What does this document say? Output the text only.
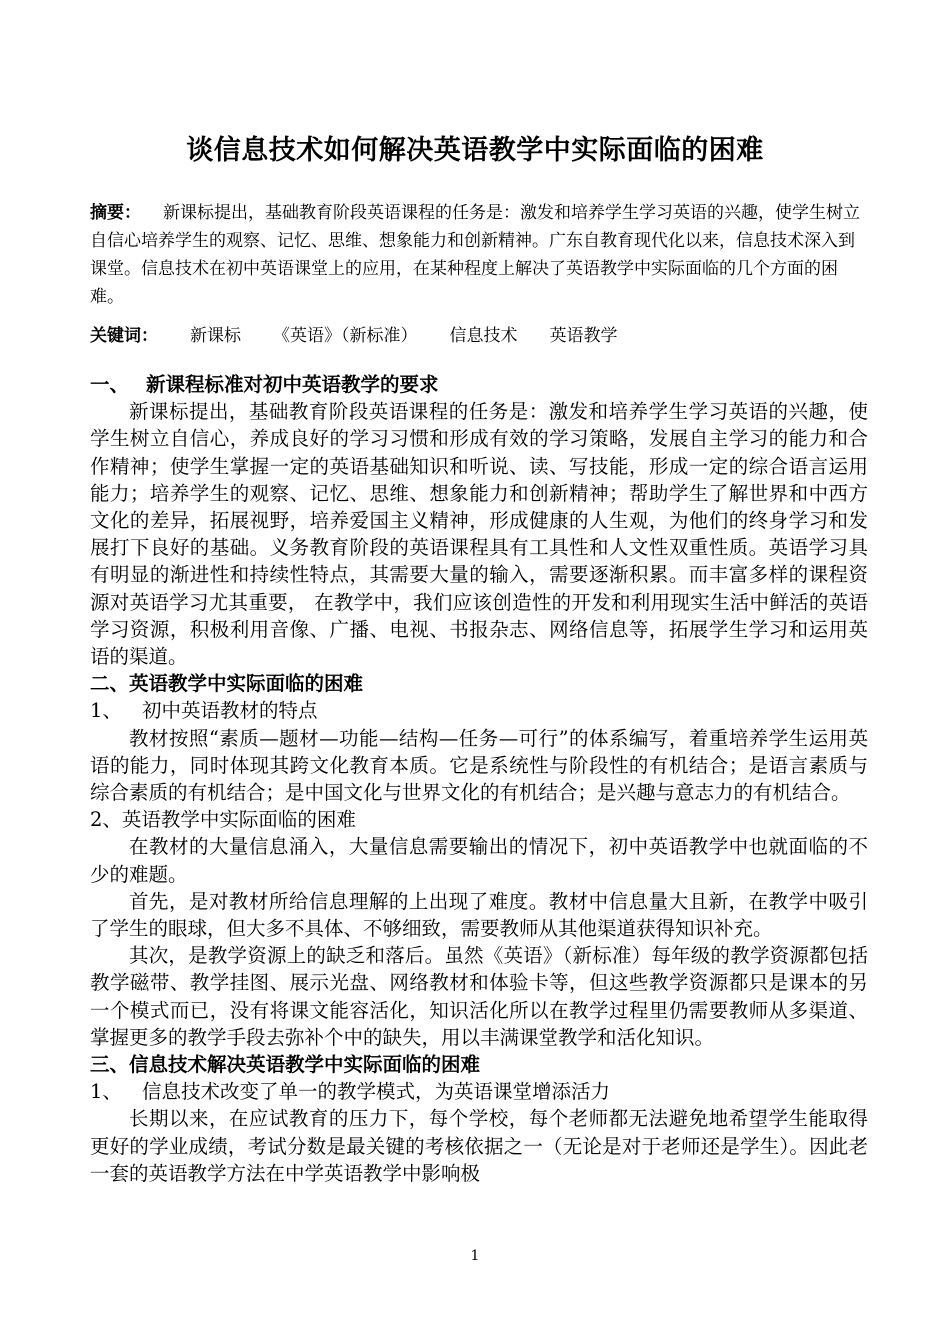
谈信息技术如何解决英语教学中实际面临的困难

摘要： 新课标提出，基础教育阶段英语课程的任务是：激发和培养学生学习英语的兴趣，使学生树立自信心培养学生的观察、记忆、思维、想象能力和创新精神。广东自教育现代化以来，信息技术深入到课堂。信息技术在初中英语课堂上的应用，在某种程度上解决了英语教学中实际面临的几个方面的困难。

关键词： 新课标 《英语》（新标准） 信息技术 英语教学

一、 新课程标准对初中英语教学的要求

新课标提出，基础教育阶段英语课程的任务是：激发和培养学生学习英语的兴趣，使学生树立自信心，养成良好的学习习惯和形成有效的学习策略，发展自主学习的能力和合作精神；使学生掌握一定的英语基础知识和听说、读、写技能，形成一定的综合语言运用能力；培养学生的观察、记忆、思维、想象能力和创新精神；帮助学生了解世界和中西方文化的差异，拓展视野，培养爱国主义精神，形成健康的人生观，为他们的终身学习和发展打下良好的基础。义务教育阶段的英语课程具有工具性和人文性双重性质。英语学习具有明显的渐进性和持续性特点，其需要大量的输入，需要逐渐积累。而丰富多样的课程资源对英语学习尤其重要， 在教学中，我们应该创造性的开发和利用现实生活中鲜活的英语学习资源，积极利用音像、广播、电视、书报杂志、网络信息等，拓展学生学习和运用英语的渠道。

二、英语教学中实际面临的困难

1、 初中英语教材的特点

教材按照“素质—题材—功能—结构—任务—可行”的体系编写，着重培养学生运用英语的能力，同时体现其跨文化教育本质。它是系统性与阶段性的有机结合；是语言素质与综合素质的有机结合；是中国文化与世界文化的有机结合；是兴趣与意志力的有机结合。

2、英语教学中实际面临的困难

在教材的大量信息涌入，大量信息需要输出的情况下，初中英语教学中也就面临的不少的难题。

首先，是对教材所给信息理解的上出现了难度。教材中信息量大且新，在教学中吸引了学生的眼球，但大多不具体、不够细致，需要教师从其他渠道获得知识补充。

其次，是教学资源上的缺乏和落后。虽然《英语》（新标准）每年级的教学资源都包括教学磁带、教学挂图、展示光盘、网络教材和体验卡等，但这些教学资源都只是课本的另一个模式而已，没有将课文能容活化，知识活化所以在教学过程里仍需要教师从多渠道、掌握更多的教学手段去弥补个中的缺失，用以丰满课堂教学和活化知识。

三、信息技术解决英语教学中实际面临的困难

1、 信息技术改变了单一的教学模式，为英语课堂增添活力

长期以来，在应试教育的压力下，每个学校，每个老师都无法避免地希望学生能取得更好的学业成绩，考试分数是最关键的考核依据之一（无论是对于老师还是学生）。因此老一套的英语教学方法在中学英语教学中影响极

1
